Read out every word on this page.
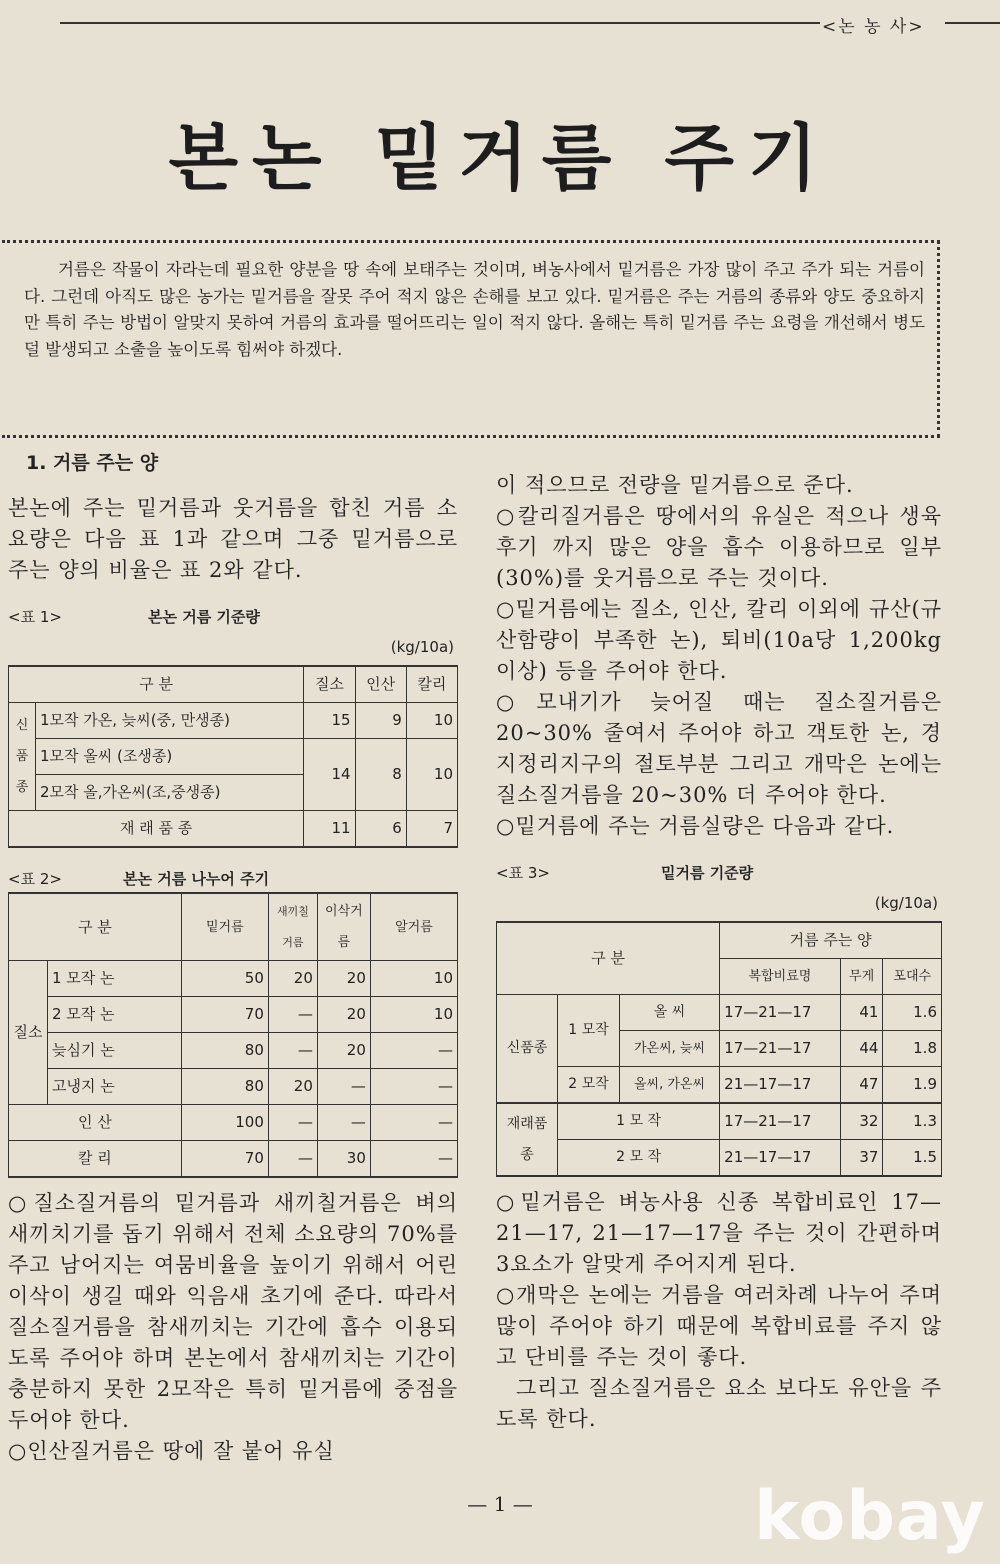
<논 농 사>
본논 밑거름 주기

거름은 작물이 자라는데 필요한 양분을 땅 속에 보태주는 것이며, 벼농사에서 밑거름은 가장 많이 주고 주가 되는 거름이다. 그런데 아직도 많은 농가는 밑거름을 잘못 주어 적지 않은 손해를 보고 있다. 밑거름은 주는 거름의 종류와 양도 중요하지만 특히 주는 방법이 알맞지 못하여 거름의 효과를 떨어뜨리는 일이 적지 않다. 올해는 특히 밑거름 주는 요령을 개선해서 병도 덜 발생되고 소출을 높이도록 힘써야 하겠다.

1. 거름 주는 양

본논에 주는 밑거름과 웃거름을 합친 거름 소요량은 다음 표 1과 같으며 그중 밑거름으로 주는 양의 비율은 표 2와 같다.

<표 1>	본논 거름 기준량
(kg/10a)
구 분		질소	인산	칼리
신품종	1모작 가온, 늦씨(중, 만생종)	15	9	10
	1모작 올씨 (조생종)	14	8	10
	2모작 올,가온씨(조,중생종)			
재 래 품 종		11	6	7
<표 2>	본논 거름 나누어 주기
구 분		밑거름	새끼칠거름	이삭거름	알거름
질소	1 모작 논	50	20	20	10
	2 모작 논	70	—	20	10
	늦심기 논	80	—	20	—
	고냉지 논	80	20	—	—
인 산		100	—	—	—
칼 리		70	—	30	—

○질소질거름의 밑거름과 새끼칠거름은 벼의 새끼치기를 돕기 위해서 전체 소요량의 70%를 주고 남어지는 여뭄비율을 높이기 위해서 어린이삭이 생길 때와 익음새 초기에 준다. 따라서 질소질거름을 참새끼치는 기간에 흡수 이용되도록 주어야 하며 본논에서 참새끼치는 기간이 충분하지 못한 2모작은 특히 밑거름에 중점을 두어야 한다.

○인산질거름은 땅에 잘 붙어 유실

이 적으므로 전량을 밑거름으로 준다.

○칼리질거름은 땅에서의 유실은 적으나 생육후기 까지 많은 양을 흡수 이용하므로 일부(30%)를 웃거름으로 주는 것이다.

○밑거름에는 질소, 인산, 칼리 이외에 규산(규산함량이 부족한 논), 퇴비(10a당 1,200kg이상) 등을 주어야 한다.

○모내기가 늦어질 때는 질소질거름은 20~30% 줄여서 주어야 하고 객토한 논, 경지정리지구의 절토부분 그리고 개막은 논에는 질소질거름을 20~30% 더 주어야 한다.

○밑거름에 주는 거름실량은 다음과 같다.

<표 3>	밑거름 기준량
(kg/10a)
구 분			거름 주는 양		
			복합비료명	무게	포대수
신품종	1 모작	올 씨	17—21—17	41	1.6
		가온씨, 늦씨	17—21—17	44	1.8
	2 모작	올씨, 가온씨	21—17—17	47	1.9
재래품종	1 모 작		17—21—17	32	1.3
	2 모 작		21—17—17	37	1.5

○밑거름은 벼농사용 신종 복합비료인 17—21—17, 21—17—17을 주는 것이 간편하며 3요소가 알맞게 주어지게 된다.

○개막은 논에는 거름을 여러차례 나누어 주며 많이 주어야 하기 때문에 복합비료를 주지 않고 단비를 주는 것이 좋다.

그리고 질소질거름은 요소 보다도 유안을 주도록 한다.

— 1 —	kobay
